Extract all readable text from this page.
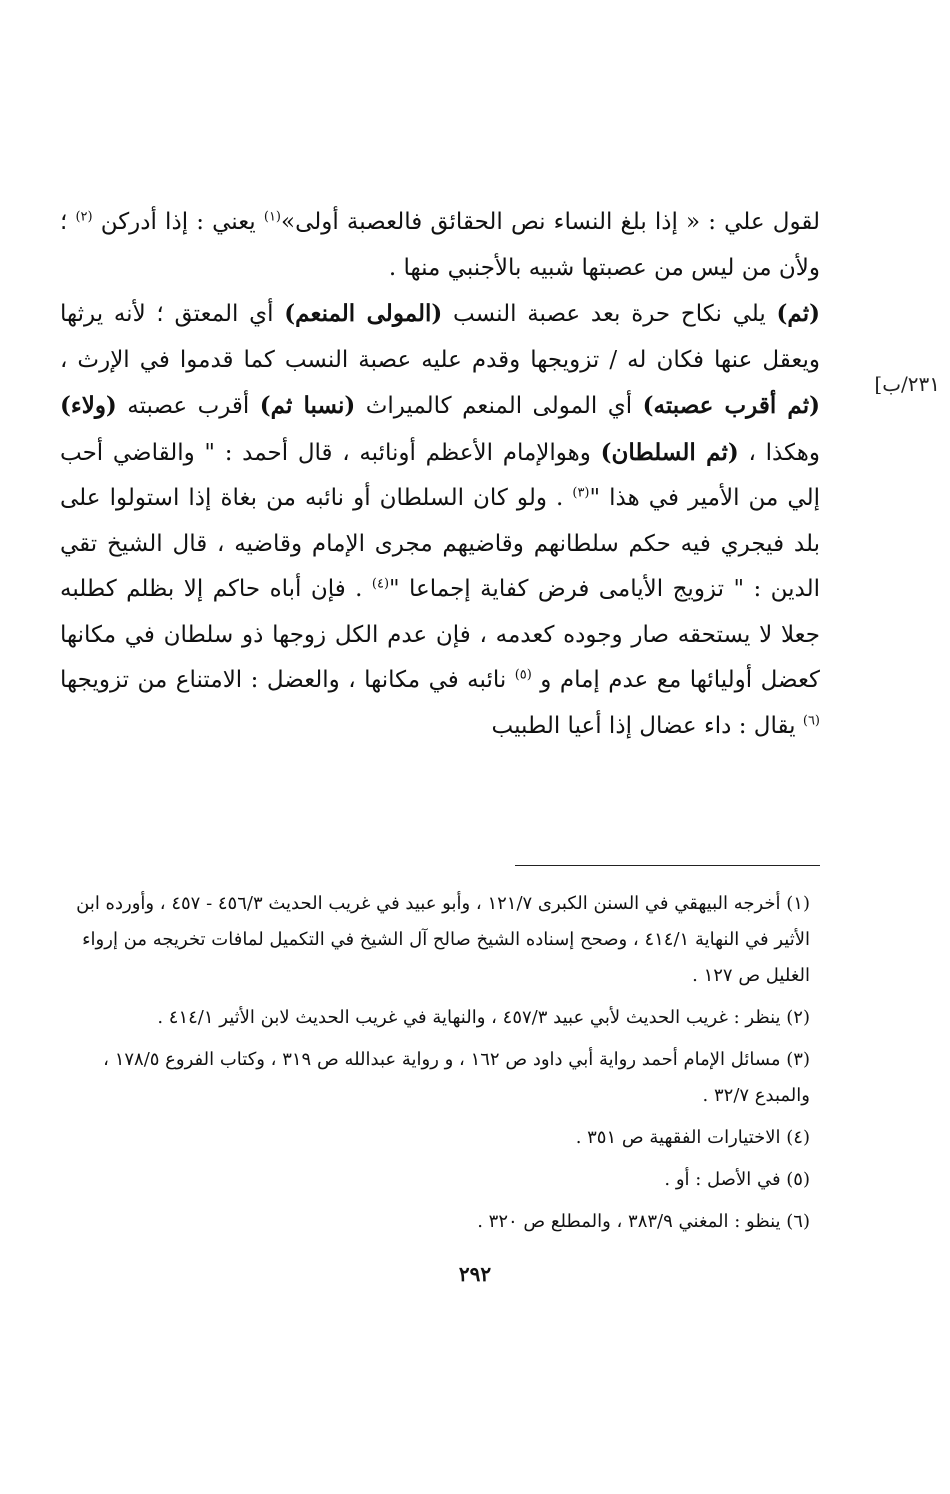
٢٣١/ب]

لقول علي : « إذا بلغ النساء نص الحقائق فالعصبة أولى»$^{(١)}$ يعني : إذا أدركن $^{(٢)}$ ؛ ولأن من ليس من عصبتها شبيه بالأجنبي منها .

(ثم) يلي نكاح حرة بعد عصبة النسب (المولى المنعم) أي المعتق ؛ لأنه يرثها ويعقل عنها فكان له / تزويجها وقدم عليه عصبة النسب كما قدموا في الإرث ، (ثم أقرب عصبته) أي المولى المنعم كالميراث (نسبا ثم) أقرب عصبته (ولاء) وهكذا ، (ثم السلطان) وهوالإمام الأعظم أونائبه ، قال أحمد : " والقاضي أحب إلي من الأمير في هذا "$^{(٣)}$ . ولو كان السلطان أو نائبه من بغاة إذا استولوا على بلد فيجري فيه حكم سلطانهم وقاضيهم مجرى الإمام وقاضيه ، قال الشيخ تقي الدين : " تزويج الأيامى فرض كفاية إجماعا "$^{(٤)}$ . فإن أباه حاكم إلا بظلم كطلبه جعلا لا يستحقه صار وجوده كعدمه ، فإن عدم الكل زوجها ذو سلطان في مكانها كعضل أوليائها مع عدم إمام و $^{(٥)}$ نائبه في مكانها ، والعضل : الامتناع من تزويجها $^{(٦)}$ يقال : داء عضال إذا أعيا الطبيب

(١) أخرجه البيهقي في السنن الكبرى ١٢١/٧ ، وأبو عبيد في غريب الحديث ٤٥٦/٣ - ٤٥٧ ، وأورده ابن الأثير في النهاية ٤١٤/١ ، وصحح إسناده الشيخ صالح آل الشيخ في التكميل لمافات تخريجه من إرواء الغليل ص ١٢٧ .

(٢) ينظر : غريب الحديث لأبي عبيد ٤٥٧/٣ ، والنهاية في غريب الحديث لابن الأثير ٤١٤/١ .

(٣) مسائل الإمام أحمد رواية أبي داود ص ١٦٢ ، و رواية عبدالله ص ٣١٩ ، وكتاب الفروع ١٧٨/٥ ، والمبدع ٣٢/٧ .

(٤) الاختيارات الفقهية ص ٣٥١ .

(٥) في الأصل : أو .

(٦) ينظو : المغني ٣٨٣/٩ ، والمطلع ص ٣٢٠ .

٢٩٢
